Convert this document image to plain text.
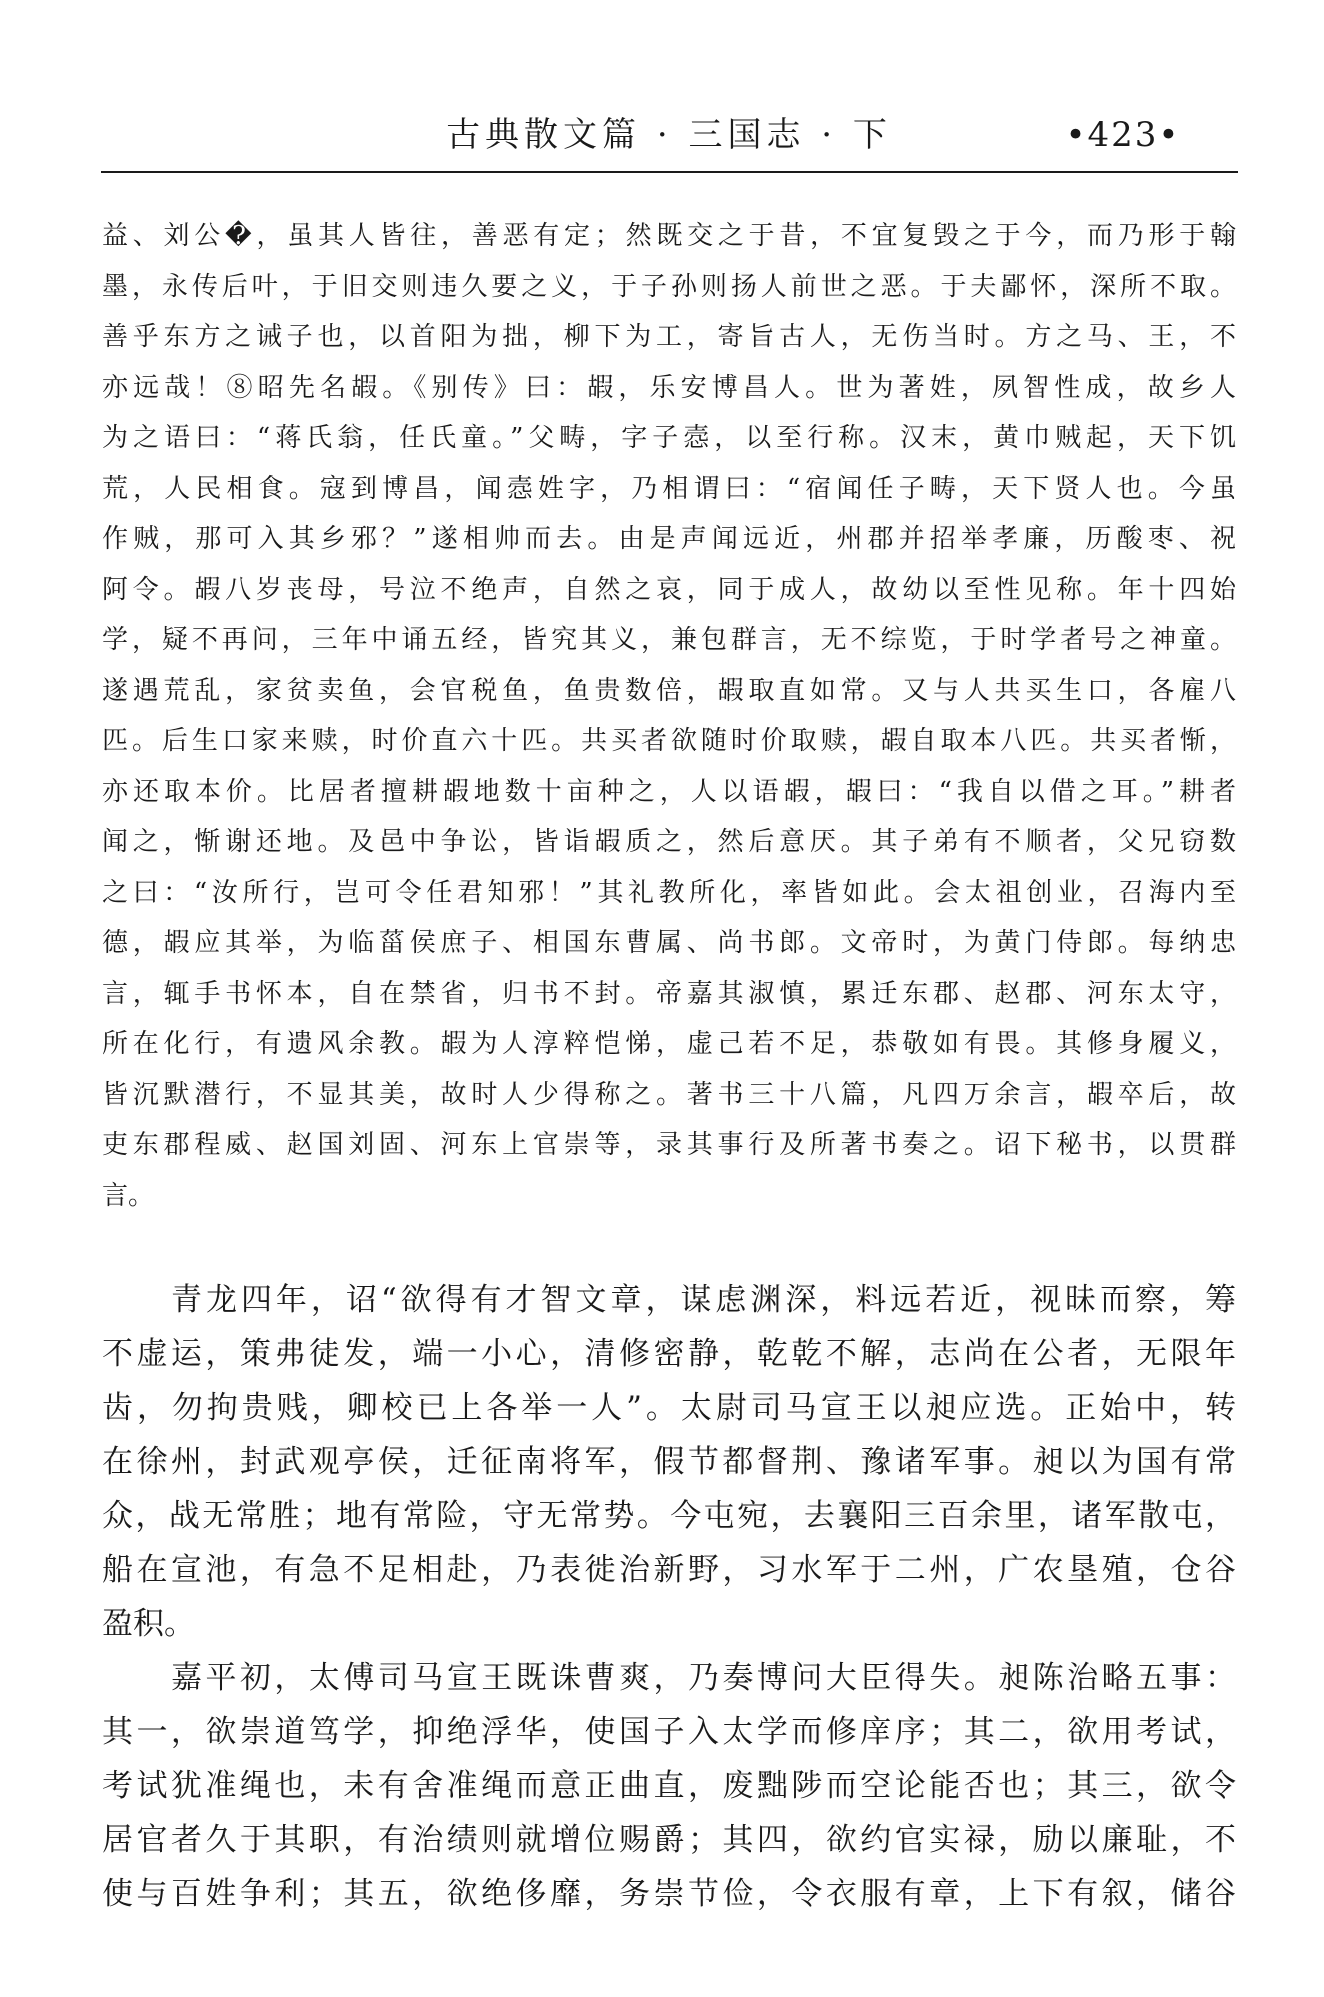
古典散文篇 · 三国志 · 下	•423•
益、刘公�，虽其人皆往，善恶有定；然既交之于昔，不宜复毁之于今，而乃形于翰
墨，永传后叶，于旧交则违久要之义，于子孙则扬人前世之恶。于夫鄙怀，深所不取。
善乎东方之诫子也，以首阳为拙，柳下为工，寄旨古人，无伤当时。方之马、王，不
亦远哉！⑧昭先名嘏。《别传》曰：嘏，乐安博昌人。世为著姓，夙智性成，故乡人
为之语曰：“蒋氏翁，任氏童。”父畴，字子悫，以至行称。汉末，黄巾贼起，天下饥
荒，人民相食。寇到博昌，闻悫姓字，乃相谓曰：“宿闻任子畴，天下贤人也。今虽
作贼，那可入其乡邪？”遂相帅而去。由是声闻远近，州郡并招举孝廉，历酸枣、祝
阿令。嘏八岁丧母，号泣不绝声，自然之哀，同于成人，故幼以至性见称。年十四始
学，疑不再问，三年中诵五经，皆究其义，兼包群言，无不综览，于时学者号之神童。
遂遇荒乱，家贫卖鱼，会官税鱼，鱼贵数倍，嘏取直如常。又与人共买生口，各雇八
匹。后生口家来赎，时价直六十匹。共买者欲随时价取赎，嘏自取本八匹。共买者惭，
亦还取本价。比居者擅耕嘏地数十亩种之，人以语嘏，嘏曰：“我自以借之耳。”耕者
闻之，惭谢还地。及邑中争讼，皆诣嘏质之，然后意厌。其子弟有不顺者，父兄窃数
之曰：“汝所行，岂可令任君知邪！”其礼教所化，率皆如此。会太祖创业，召海内至
德，嘏应其举，为临菑侯庶子、相国东曹属、尚书郎。文帝时，为黄门侍郎。每纳忠
言，辄手书怀本，自在禁省，归书不封。帝嘉其淑慎，累迁东郡、赵郡、河东太守，
所在化行，有遗风余教。嘏为人淳粹恺悌，虚己若不足，恭敬如有畏。其修身履义，
皆沉默潜行，不显其美，故时人少得称之。著书三十八篇，凡四万余言，嘏卒后，故
吏东郡程威、赵国刘固、河东上官崇等，录其事行及所著书奏之。诏下秘书，以贯群
言。
青龙四年，诏“欲得有才智文章，谋虑渊深，料远若近，视昧而察，筹
不虚运，策弗徒发，端一小心，清修密静，乾乾不解，志尚在公者，无限年
齿，勿拘贵贱，卿校已上各举一人”。太尉司马宣王以昶应选。正始中，转
在徐州，封武观亭侯，迁征南将军，假节都督荆、豫诸军事。昶以为国有常
众，战无常胜；地有常险，守无常势。今屯宛，去襄阳三百余里，诸军散屯，
船在宣池，有急不足相赴，乃表徙治新野，习水军于二州，广农垦殖，仓谷
盈积。
嘉平初，太傅司马宣王既诛曹爽，乃奏博问大臣得失。昶陈治略五事：
其一，欲崇道笃学，抑绝浮华，使国子入太学而修庠序；其二，欲用考试，
考试犹准绳也，未有舍准绳而意正曲直，废黜陟而空论能否也；其三，欲令
居官者久于其职，有治绩则就增位赐爵；其四，欲约官实禄，励以廉耻，不
使与百姓争利；其五，欲绝侈靡，务崇节俭，令衣服有章，上下有叙，储谷
